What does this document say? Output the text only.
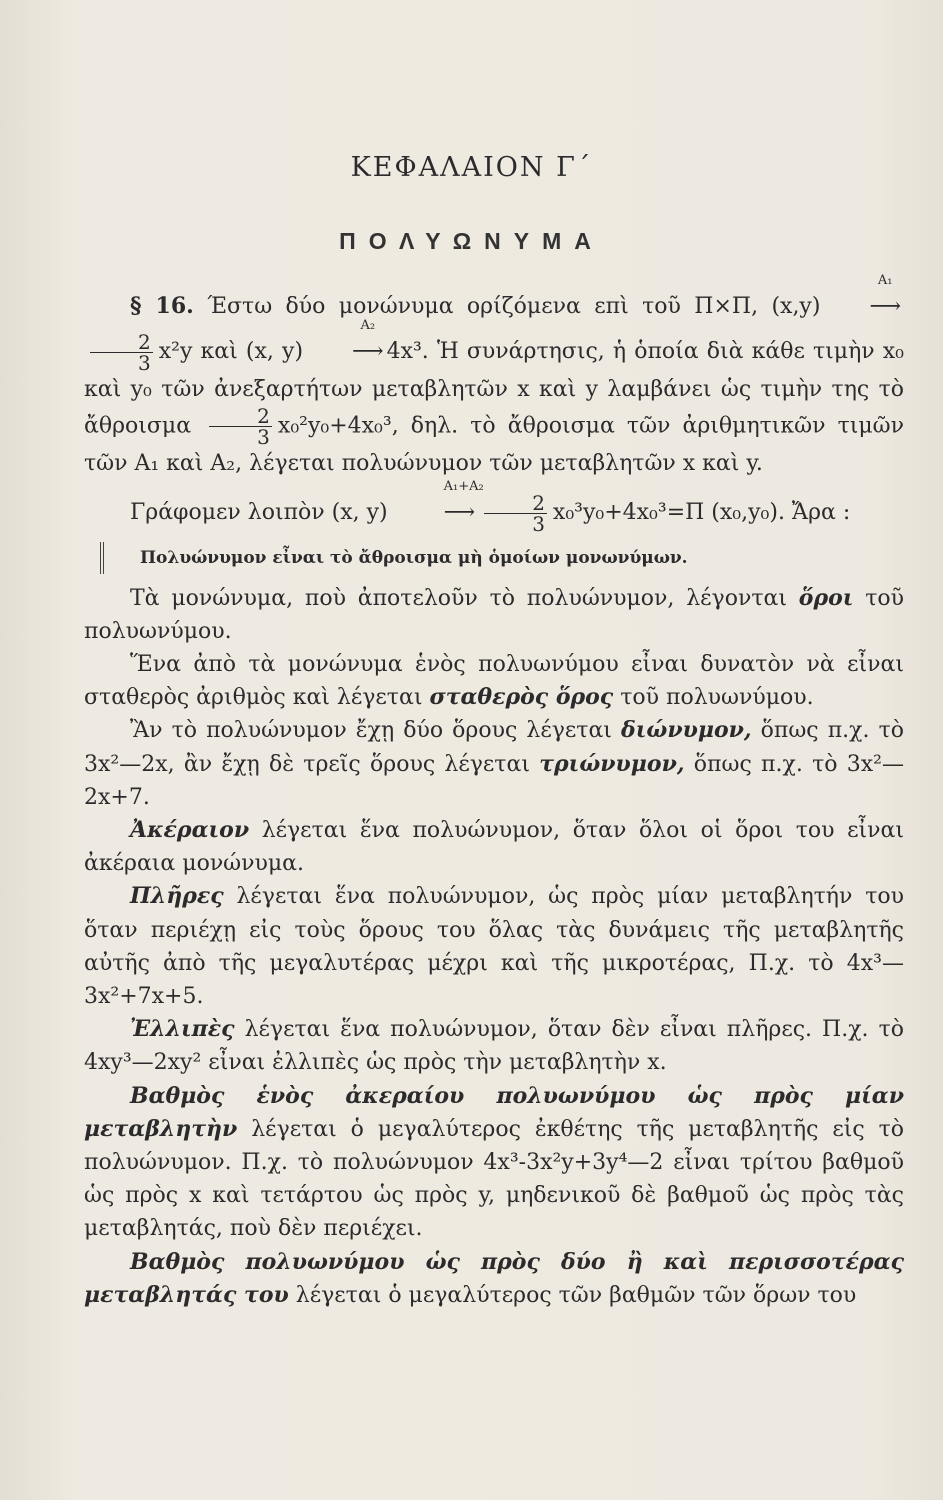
ΚΕΦΑΛΑΙΟΝ Γ΄
ΠΟΛΥΩΝΥΜΑ

§ 16. Έστω δύο μονώνυμα ορίζόμενα επὶ τοῦ Π×Π, (x,y)
A₁
⟶
$\frac{2}{3} x^2y$ καὶ (x, y)
A₂
⟶ 4x³. Ἡ συνάρτησις, ἡ ὁποία διὰ κάθε τιμὴν x₀ καὶ y₀ τῶν ἀνεξαρτήτων μεταβλητῶν x καὶ y λαμβάνει ὡς τιμὴν της τὸ ἄθροισμα $\frac{2}{3} x_0^2y_0+4x_0^3$, δηλ. τὸ ἄθροισμα τῶν ἀριθμητικῶν τιμῶν τῶν A₁ καὶ A₂, λέγεται πολυώνυμον τῶν μεταβλητῶν x καὶ y.

Γράφομεν λοιπὸν (x, y)
A₁+A₂
⟶ $\frac{2}{3} x_0^3y_0+4x_0^3=\Pi$ (x₀,y₀). Ἄρα :

Πολυώνυμον εἶναι τὸ ἄθροισμα μὴ ὁμοίων μονωνύμων.

Τὰ μονώνυμα, ποὺ ἀποτελοῦν τὸ πολυώνυμον, λέγονται ὅροι τοῦ πολυωνύμου.

Ἕνα ἀπὸ τὰ μονώνυμα ἑνὸς πολυωνύμου εἶναι δυνατὸν νὰ εἶναι σταθερὸς ἀριθμὸς καὶ λέγεται σταθερὸς ὅρος τοῦ πολυωνύμου.

Ἂν τὸ πολυώνυμον ἔχῃ δύο ὅρους λέγεται διώνυμον, ὅπως π.χ. τὸ 3x²—2x, ἂν ἔχῃ δὲ τρεῖς ὅρους λέγεται τριώνυμον, ὅπως π.χ. τὸ 3x²—2x+7.

Ἀκέραιον λέγεται ἕνα πολυώνυμον, ὅταν ὅλοι οἱ ὅροι του εἶναι ἀκέραια μονώνυμα.

Πλῆρες λέγεται ἕνα πολυώνυμον, ὡς πρὸς μίαν μεταβλητήν του ὅταν περιέχῃ εἰς τοὺς ὅρους του ὅλας τὰς δυνάμεις τῆς μεταβλητῆς αὐτῆς ἀπὸ τῆς μεγαλυτέρας μέχρι καὶ τῆς μικροτέρας, Π.χ. τὸ 4x³—3x²+7x+5.

Ἐλλιπὲς λέγεται ἕνα πολυώνυμον, ὅταν δὲν εἶναι πλῆρες. Π.χ. τὸ 4xy³—2xy² εἶναι ἐλλιπὲς ὡς πρὸς τὴν μεταβλητὴν x.

Βαθμὸς ἑνὸς ἀκεραίου πολυωνύμου ὡς πρὸς μίαν μεταβλητὴν λέγεται ὁ μεγαλύτερος ἐκθέτης τῆς μεταβλητῆς εἰς τὸ πολυώνυμον. Π.χ. τὸ πολυώνυμον 4x³-3x²y+3y⁴—2 εἶναι τρίτου βαθμοῦ ὡς πρὸς x καὶ τετάρτου ὡς πρὸς y, μηδενικοῦ δὲ βαθμοῦ ὡς πρὸς τὰς μεταβλητάς, ποὺ δὲν περιέχει.

Βαθμὸς πολυωνύμου ὡς πρὸς δύο ἢ καὶ περισσοτέρας μεταβλητάς του λέγεται ὁ μεγαλύτερος τῶν βαθμῶν τῶν ὅρων του
